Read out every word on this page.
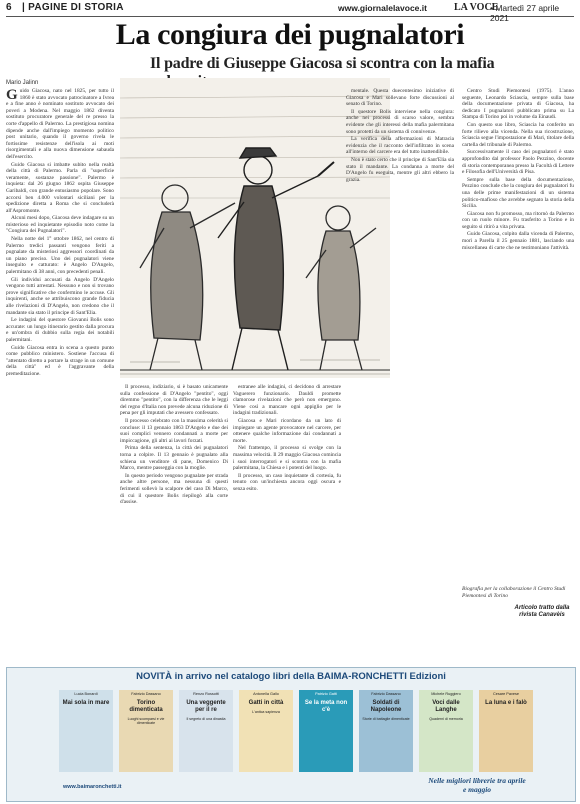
6 | PAGINE DI STORIA	www.giornalelavoce.it	LA VOCE
• Martedì 27 aprile 2021
La congiura dei pugnalatori
Il padre di Giuseppe Giacosa si scontra con la mafia
Mario Jalinn

Guido Giacosa, nato nel 1825, per tutto il 1860 è stato avvocato patrocinatore a Ivrea e a fine anno è nominato sostituto avvocato dei poveri a Modena. Nel maggio 1862 diventa sostituto procuratore generale del re presso la corte d'appello di Palermo. La prestigiosa nomina dipende anche dall'impiego momento politico post unitario, quando il governo rivela le fortissime resistenze dell'isola ai moti risorgimentali e alla nuova dimensione sabauda dell'esercito.

Guido Giacosa si imbatte subito nella realtà della città di Palermo. Parla di "superficie veramente, sostanze passione". Palermo è inquieta: dal 26 giugno 1862 ospita Giuseppe Garibaldi, con grande entusiasmo popolare. Sono accorsi ben 4.000 volontari siciliani per la spedizione diretta a Roma che si concluderà all'Aspromonte.

Alcuni mesi dopo, Giacosa deve indagare su un misterioso ed inquietante episodio noto come la "Congiura dei Pugnalatori".

Nella notte del 1° ottobre 1862, nel centro di Palermo tredici passanti vengono feriti a pugnalate da misteriosi aggressori coordinati da un piano preciso. Uno dei pugnalatori viene inseguito e catturato: è Angelo D'Angelo, palermitano di 38 anni, con precedenti penali.

Gli individui accusati da Angelo D'Angelo vengono tutti arrestati. Nessuno e non si trovano prove significative che confermino le accuse. Gli inquirenti, anche se attribuiscono grande fiducia alle rivelazioni di D'Angelo, non credono che il mandante sia stato il principe di Sant'Elia.

Le indagini del questore Giovanni Bolis sono accurate: un lungo itinerario gestito dalla procura e un'ombra di dubbio sulla regia dei notabili palermitani.

Guido Giacosa entra in scena a questo punto come pubblico ministero. Sostiene l'accusa di "attentato diretto a portare la strage in un comune della città" ed è l'aggravante della premeditazione.

mentale. Questa duecentesimo iniziative di Giacosa e Mari sollevano forte discussioni al senato di Torino.

Il questore Bolis interviene nella congiura: anche nei processi di scarso valore, sembra evidente che gli interessi della mafia palermitana sono protetti da un sistema di connivenze.

La verifica della affermazioni di Matracia evidenzia che il racconto dell'infiltrato in scena all'interno del carcere era del tutto inattendibile.

Non è stato certo che il principe di Sant'Elia sia stato il mandante. La condanna a morte del D'Angelo fu eseguita, mentre gli altri ebbero la grazia.

Centro Studi Piemontesi (1975). L'anno seguente, Leonardo Sciascia, sempre sulla base della documentazione privata di Giacosa, ha dedicato I pugnalatori pubblicato prima su La Stampa di Torino poi in volume da Einaudi.

Con questo suo libro, Sciascia ha conferito un forte rilievo alla vicenda. Nella sua ricostruzione, Sciascia segue l'impostazione di Mari, titolare della cartella del tribunale di Palermo.

Successivamente il caso dei pugnalatori è stato approfondito dal professor Paolo Pezzino, docente di storia contemporanea presso la Facoltà di Lettere e Filosofia dell'Università di Pisa.

Sempre sulla base della documentazione, Pezzino conclude che la congiura dei pugnalatori fu una delle prime manifestazioni di un sistema politico-mafioso che avrebbe segnato la storia della Sicilia.

Giacosa non fu promosso, ma ritornò da Palermo con un ruolo minore. Fu trasferito a Torino e in seguito si ritirò a vita privata.

Guido Giacosa, colpito dalla vicenda di Palermo, morì a Parella il 25 gennaio 1881, lasciando una miscellanea di carte che ne testimoniano l'attività.

Il processo, indiziario, si è basato unicamente sulla confessione di D'Angelo "pentito", oggi diremmo "pentito", con la differenza che le leggi del regno d'Italia non prevede alcuna riduzione di pena per gli imputati che avessero confessato.

Il processo celebrato con la massima celerità si concluse: il 13 gennaio 1863 D'Angelo e due dei suoi complici vennero condannati a morte per impiccagione, gli altri ai lavori forzati.

Prima della sentenza, la città dei pugnalatori torna a colpire. Il 13 gennaio è pugnalato alla schiena un venditore di pane, Domenico Di Marco, mentre passeggia con la moglie.

In questo periodo vengono pugnalate per strada anche altre persone, ma nessuna di questi ferimenti sollevò la scalpore del caso Di Marco, di cui il questore Bolis riepilogò alla corte d'assise.

estranee alle indagini, ci decidono di arrestare Vaguerero funzionario. Dauldi promette clamorose rivelazioni che però non emergono. Viene così a mancare ogni appiglio per le indagini tradizionali.

Giacosa e Mari ricordano da un lato di impiegare un agente provocatore nel carcere, per ottenere qualche informazione dai condannati a morte.

Nel frattempo, il processo si svolge con la massima velocità. Il 29 maggio Giacosa comincia i suoi interrogatori e si scontra con la mafia palermitana, la Chiesa e i potenti del luogo.

Il processo, un caso inquietante di cortesia, fu tenuto con un'inchiesta ancora oggi oscura e senza esito.

Biografia per la collaborazione il Centro Studi Piemontesi di Torino
Articolo tratto dalla rivista Canavèis
NOVITÀ in arrivo nel catalogo libri della BAIMA-RONCHETTI Edizioni
Lucia Bonardi
Mai sola in mare
Fabrizio Dassano
Torino dimenticata
Luoghi scomparsi e vie dimenticate
Renzo Rossotti
Una veggente per il re
Il segreto di una dinastia
Antonella Gallo
Gatti in città
L'antica sapienza
Patrizio Gatti
Se la meta non c'è
Fabrizio Dassano
Soldati di Napoleone
Storie di battaglie dimenticate
Michele Ruggiero
Voci dalle Langhe
Quaderni di memoria
Cesare Pavese
La luna e i falò
www.baimaronchetti.it
Nelle migliori librerie tra aprile e maggio
